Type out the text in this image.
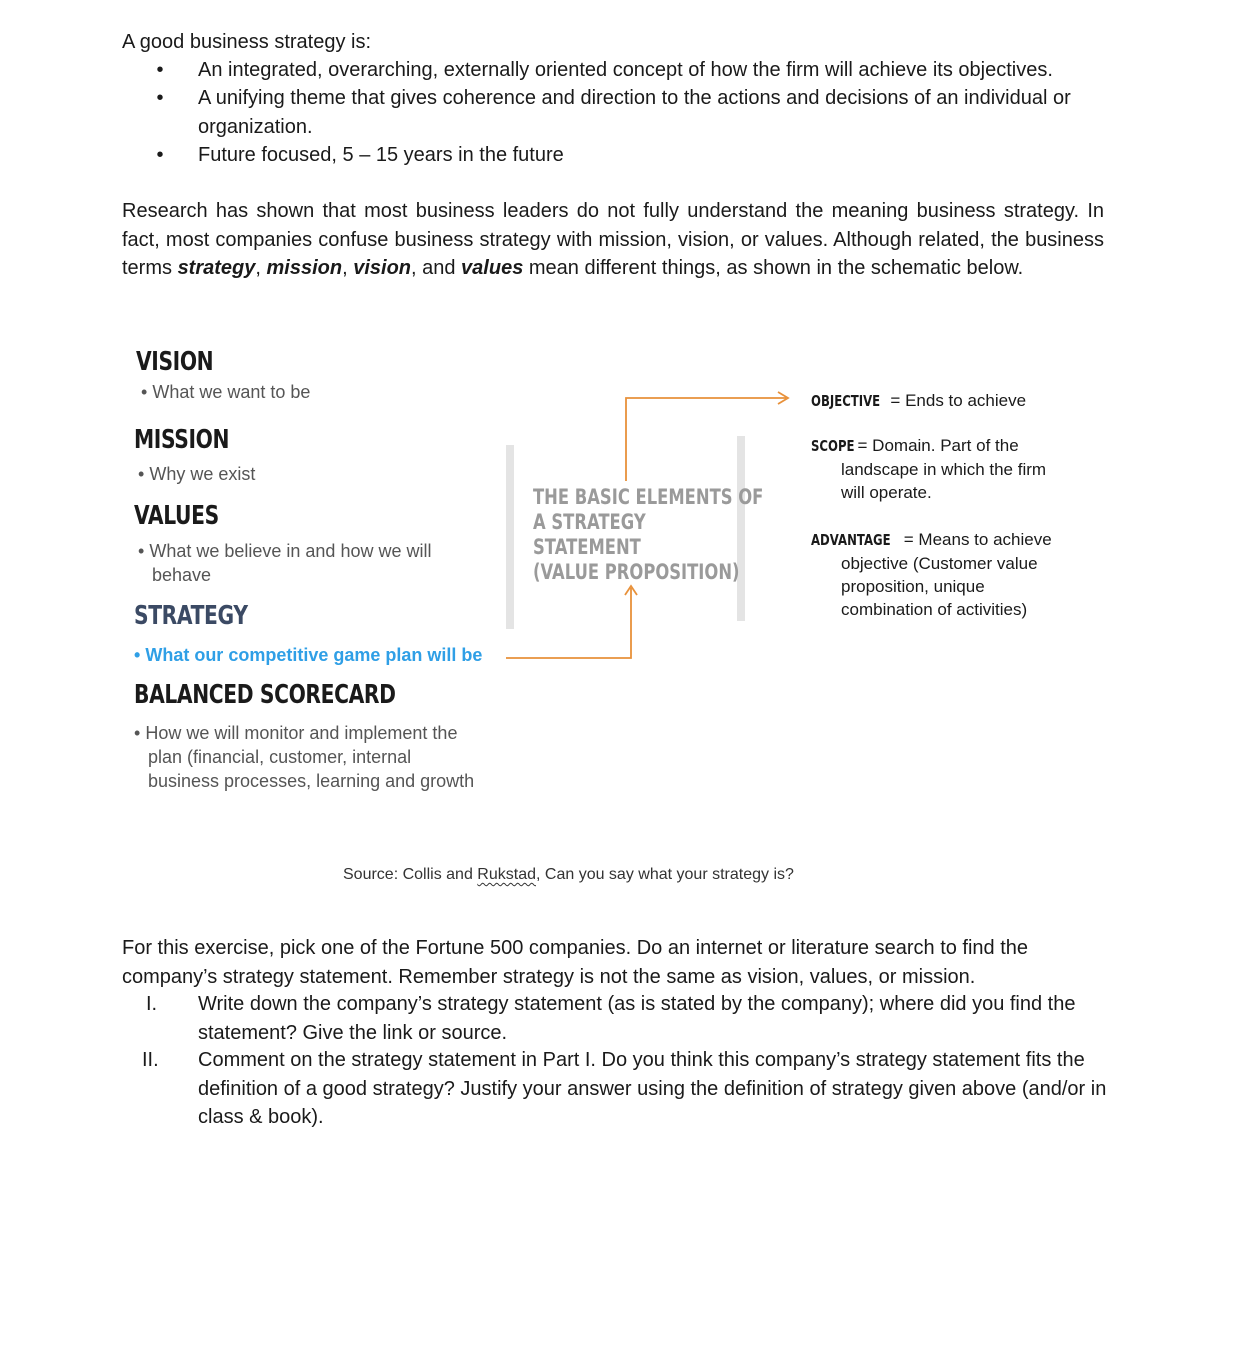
A good business strategy is:
•	An integrated, overarching, externally oriented concept of how the firm will achieve its objectives.
•	A unifying theme that gives coherence and direction to the actions and decisions of an individual or organization.
•	Future focused, 5 – 15 years in the future
Research has shown that most business leaders do not fully understand the meaning business strategy. In fact, most companies confuse business strategy with mission, vision, or values. Although related, the business terms strategy, mission, vision, and values mean different things, as shown in the schematic below.
VISION
• What we want to be
MISSION
• Why we exist
VALUES
• What we believe in and how we will
behave
STRATEGY
• What our competitive game plan will be
BALANCED SCORECARD
• How we will monitor and implement the
plan (financial, customer, internal
business processes, learning and growth
THE BASIC ELEMENTS OF
A STRATEGY
STATEMENT
(VALUE PROPOSITION)
OBJECTIVE = Ends to achieve
SCOPE = Domain. Part of the
landscape in which the firm
will operate.
ADVANTAGE = Means to achieve
objective (Customer value
proposition, unique
combination of activities)
Source: Collis and Rukstad, Can you say what your strategy is?
For this exercise, pick one of the Fortune 500 companies. Do an internet or literature search to find the company’s strategy statement. Remember strategy is not the same as vision, values, or mission.
I. Write down the company’s strategy statement (as is stated by the company); where did you find the statement? Give the link or source.
II. Comment on the strategy statement in Part I. Do you think this company’s strategy statement fits the definition of a good strategy? Justify your answer using the definition of strategy given above (and/or in class & book).
